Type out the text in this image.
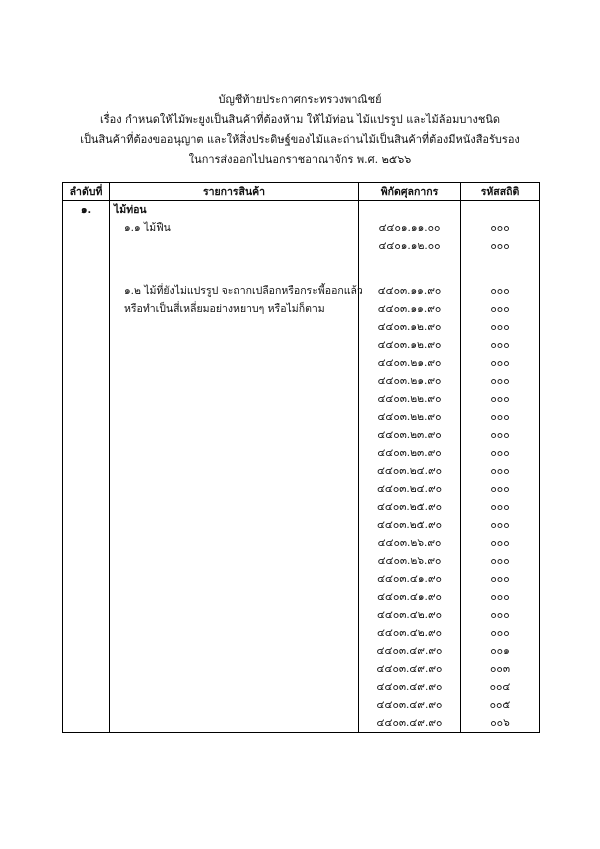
บัญชีท้ายประกาศกระทรวงพาณิชย์
เรื่อง กำหนดให้ไม้พะยูงเป็นสินค้าที่ต้องห้าม ให้ไม้ท่อน ไม้แปรรูป และไม้ล้อมบางชนิด
เป็นสินค้าที่ต้องขออนุญาต และให้สิ่งประดิษฐ์ของไม้และถ่านไม้เป็นสินค้าที่ต้องมีหนังสือรับรอง
ในการส่งออกไปนอกราชอาณาจักร พ.ศ. ๒๕๖๖
ลำดับที่	รายการสินค้า	พิกัดศุลกากร	รหัสสถิติ
๑.	ไม้ท่อน		
	๑.๑ ไม้ฟืน	๔๔๐๑.๑๑.๐๐	๐๐๐
		๔๔๐๑.๑๒.๐๐	๐๐๐

	๑.๒ ไม้ที่ยังไม่แปรรูป จะถากเปลือกหรือกระพี้ออกแล้ว	๔๔๐๓.๑๑.๙๐	๐๐๐
	หรือทำเป็นสี่เหลี่ยมอย่างหยาบๆ หรือไม่ก็ตาม	๔๔๐๓.๑๑.๙๐	๐๐๐
		๔๔๐๓.๑๒.๙๐	๐๐๐
		๔๔๐๓.๑๒.๙๐	๐๐๐
		๔๔๐๓.๒๑.๙๐	๐๐๐
		๔๔๐๓.๒๑.๙๐	๐๐๐
		๔๔๐๓.๒๒.๙๐	๐๐๐
		๔๔๐๓.๒๒.๙๐	๐๐๐
		๔๔๐๓.๒๓.๙๐	๐๐๐
		๔๔๐๓.๒๓.๙๐	๐๐๐
		๔๔๐๓.๒๔.๙๐	๐๐๐
		๔๔๐๓.๒๔.๙๐	๐๐๐
		๔๔๐๓.๒๕.๙๐	๐๐๐
		๔๔๐๓.๒๕.๙๐	๐๐๐
		๔๔๐๓.๒๖.๙๐	๐๐๐
		๔๔๐๓.๒๖.๙๐	๐๐๐
		๔๔๐๓.๔๑.๙๐	๐๐๐
		๔๔๐๓.๔๑.๙๐	๐๐๐
		๔๔๐๓.๔๒.๙๐	๐๐๐
		๔๔๐๓.๔๒.๙๐	๐๐๐
		๔๔๐๓.๔๙.๙๐	๐๐๑
		๔๔๐๓.๔๙.๙๐	๐๐๓
		๔๔๐๓.๔๙.๙๐	๐๐๔
		๔๔๐๓.๔๙.๙๐	๐๐๕
		๔๔๐๓.๔๙.๙๐	๐๐๖
